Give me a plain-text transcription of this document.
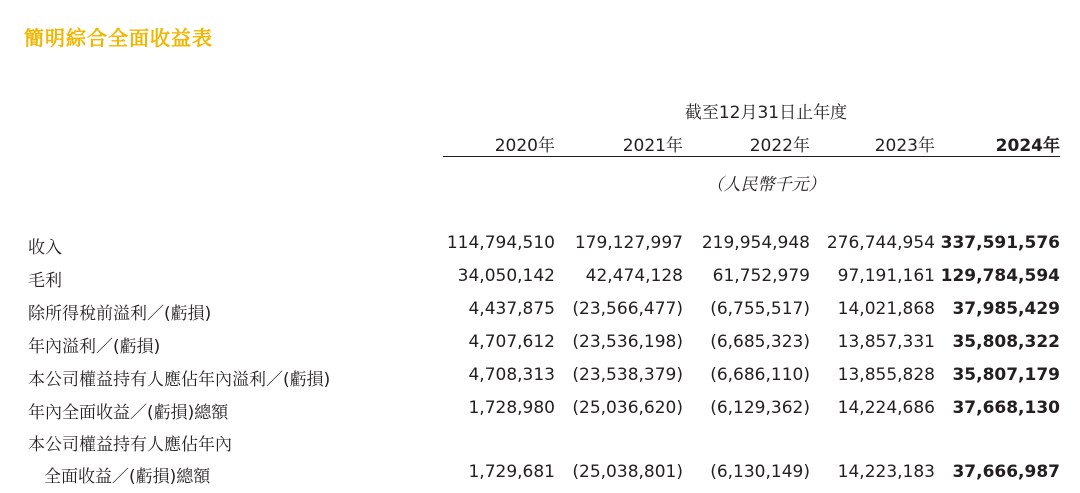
簡明綜合全面收益表
截至12月31日止年度
2020年	2021年	2022年	2023年	2024年
（人民幣千元）
收入	114,794,510	179,127,997	219,954,948 276,744,954 337,591,576
毛利	34,050,142	42,474,128	61,752,979	97,191,161 129,784,594
除所得稅前溢利／(虧損)	4,437,875	(23,566,477)	(6,755,517)	14,021,868	37,985,429
年內溢利／(虧損)	4,707,612	(23,536,198)	(6,685,323)	13,857,331	35,808,322
本公司權益持有人應佔年內溢利／(虧損)	4,708,313	(23,538,379)	(6,686,110)	13,855,828	35,807,179
年內全面收益／(虧損)總額	1,728,980	(25,036,620)	(6,129,362)	14,224,686	37,668,130
本公司權益持有人應佔年內
全面收益／(虧損)總額	1,729,681	(25,038,801)	(6,130,149)	14,223,183	37,666,987
